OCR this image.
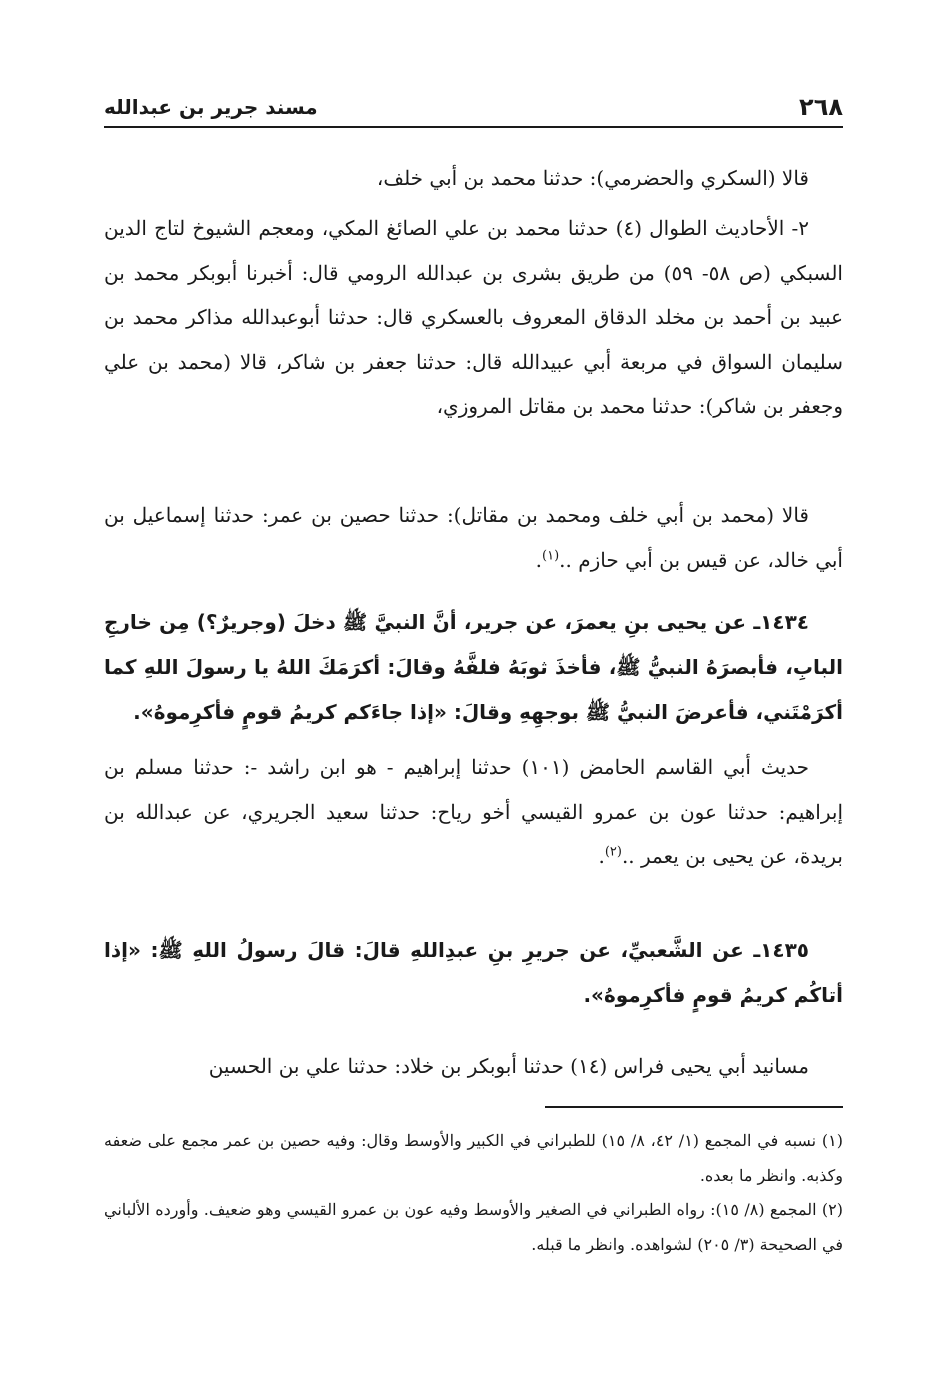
٢٦٨
مسند جرير بن عبدالله

قالا (السكري والحضرمي): حدثنا محمد بن أبي خلف،

٢- الأحاديث الطوال (٤) حدثنا محمد بن علي الصائغ المكي، ومعجم الشيوخ لتاج الدين السبكي (ص ٥٨- ٥٩) من طريق بشرى بن عبدالله الرومي قال: أخبرنا أبوبكر محمد بن عبيد بن أحمد بن مخلد الدقاق المعروف بالعسكري قال: حدثنا أبوعبدالله مذاكر محمد بن سليمان السواق في مربعة أبي عبيدالله قال: حدثنا جعفر بن شاكر، قالا (محمد بن علي وجعفر بن شاكر): حدثنا محمد بن مقاتل المروزي،

قالا (محمد بن أبي خلف ومحمد بن مقاتل): حدثنا حصين بن عمر: حدثنا إسماعيل بن أبي خالد، عن قيس بن أبي حازم ..$^{(١)}$.

١٤٣٤ـ عن يحيى بنِ يعمرَ، عن جرير، أنَّ النبيَّ ﷺ دخلَ (وجريرٌ؟) مِن خارجِ البابِ، فأبصرَهُ النبيُّ ﷺ، فأخذَ ثوبَهُ فلفَّهُ وقالَ: أكرَمَكَ اللهُ يا رسولَ اللهِ كما أكرَمْتَني، فأعرضَ النبيُّ ﷺ بوجهِهِ وقالَ: «إذا جاءَكم كريمُ قومٍ فأكرِموهُ».

حديث أبي القاسم الحامض (١٠١) حدثنا إبراهيم - هو ابن راشد -: حدثنا مسلم بن إبراهيم: حدثنا عون بن عمرو القيسي أخو رياح: حدثنا سعيد الجريري، عن عبدالله بن بريدة، عن يحيى بن يعمر ..$^{(٢)}$.

١٤٣٥ـ عن الشَّعبيِّ، عن جريرِ بنِ عبدِاللهِ قالَ: قالَ رسولُ اللهِ ﷺ: «إذا أتاكُم كريمُ قومٍ فأكرِموهُ».

مسانيد أبي يحيى فراس (١٤) حدثنا أبوبكر بن خلاد: حدثنا علي بن الحسين

(١) نسبه في المجمع (١/ ٤٢، ٨/ ١٥) للطبراني في الكبير والأوسط وقال: وفيه حصين بن عمر مجمع على ضعفه وكذبه. وانظر ما بعده.

(٢) المجمع (٨/ ١٥): رواه الطبراني في الصغير والأوسط وفيه عون بن عمرو القيسي وهو ضعيف. وأورده الألباني في الصحيحة (٣/ ٢٠٥) لشواهده. وانظر ما قبله.
